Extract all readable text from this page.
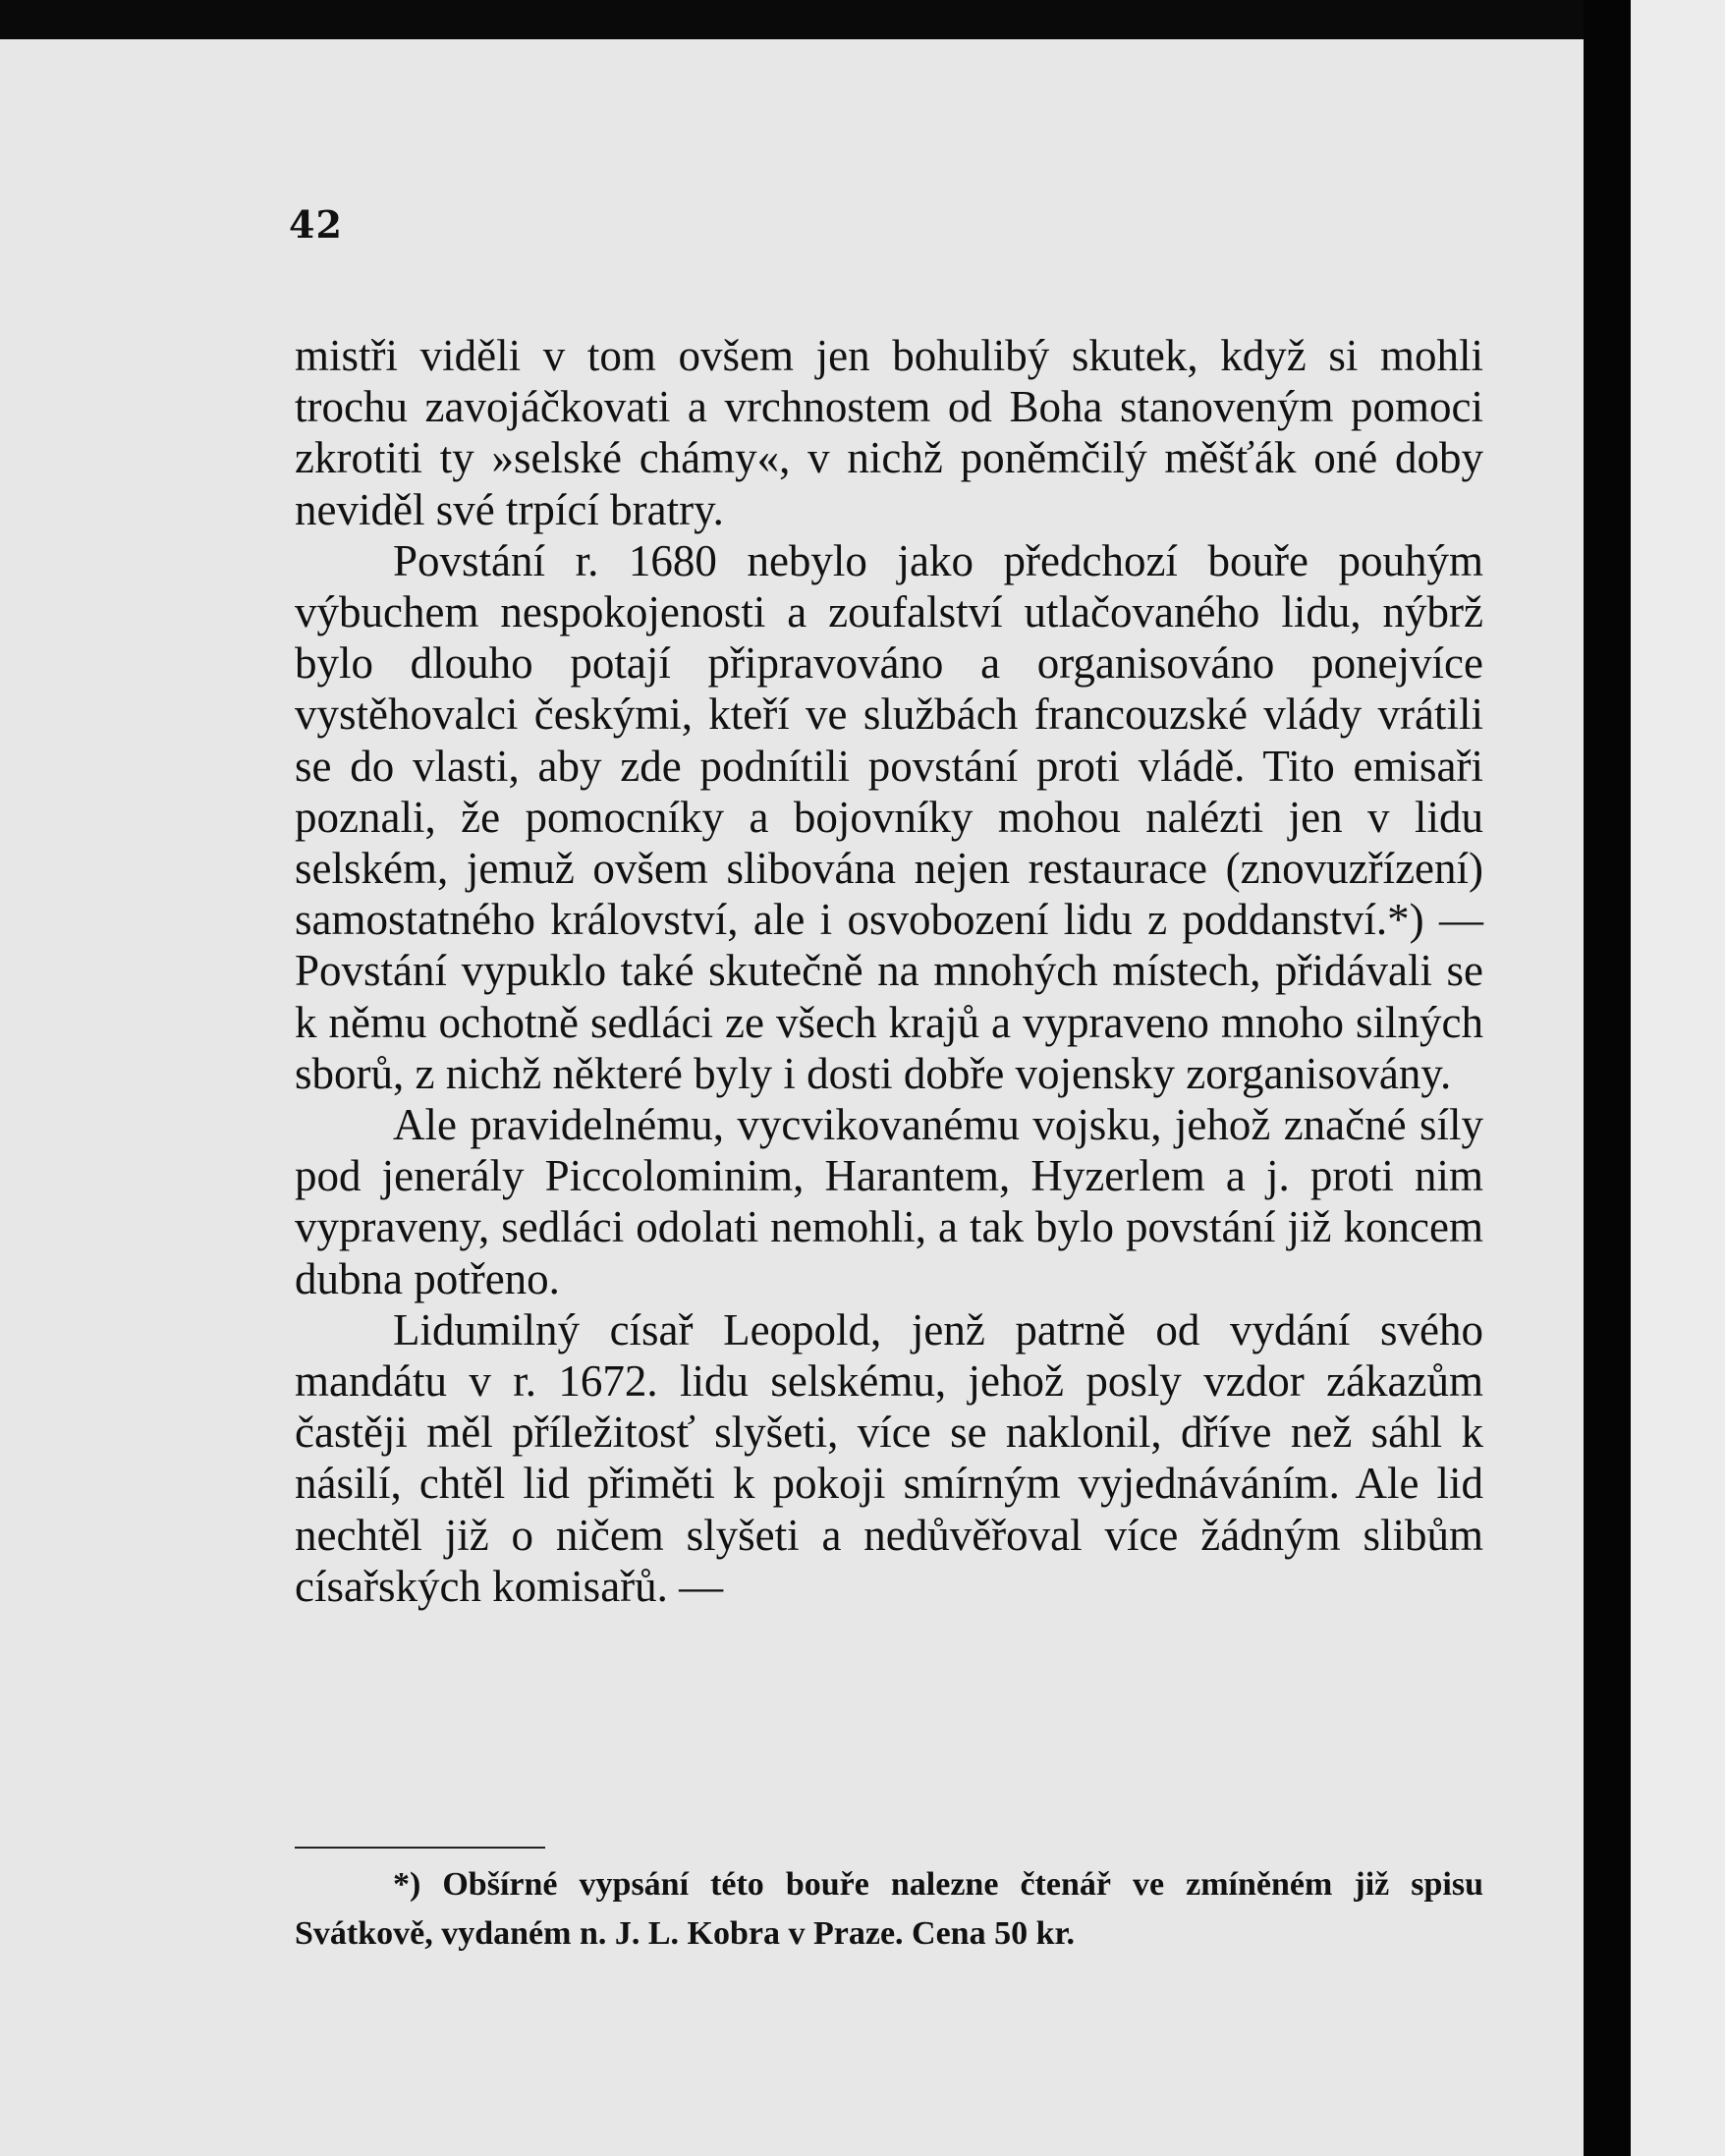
42

mistři viděli v tom ovšem jen bohulibý skutek, když si mohli trochu zavojáčkovati a vrchnostem od Boha stanoveným pomoci zkrotiti ty »selské chámy«, v nichž poněmčilý měšťák oné doby neviděl své trpící bratry.

Povstání r. 1680 nebylo jako předchozí bouře pouhým výbuchem nespokojenosti a zoufalství utlačovaného lidu, nýbrž bylo dlouho potají připravováno a organisováno ponejvíce vystěhovalci českými, kteří ve službách francouzské vlády vrátili se do vlasti, aby zde podnítili povstání proti vládě. Tito emisaři poznali, že pomocníky a bojovníky mohou nalézti jen v lidu selském, jemuž ovšem slibována nejen restaurace (znovuzřízení) samostatného království, ale i osvobození lidu z poddanství.*) — Povstání vypuklo také skutečně na mnohých místech, přidávali se k němu ochotně sedláci ze všech krajů a vypraveno mnoho silných sborů, z nichž některé byly i dosti dobře vojensky zorganisovány.

Ale pravidelnému, vycvikovanému vojsku, jehož značné síly pod jenerály Piccolominim, Harantem, Hyzerlem a j. proti nim vypraveny, sedláci odolati nemohli, a tak bylo povstání již koncem dubna potřeno.

Lidumilný císař Leopold, jenž patrně od vydání svého mandátu v r. 1672. lidu selskému, jehož posly vzdor zákazům častěji měl příležitosť slyšeti, více se naklonil, dříve než sáhl k násilí, chtěl lid přiměti k pokoji smírným vyjednáváním. Ale lid nechtěl již o ničem slyšeti a nedůvěřoval více žádným slibům císařských komisařů. —

*) Obšírné vypsání této bouře nalezne čtenář ve zmíněném již spisu Svátkově, vydaném n. J. L. Kobra v Praze. Cena 50 kr.
